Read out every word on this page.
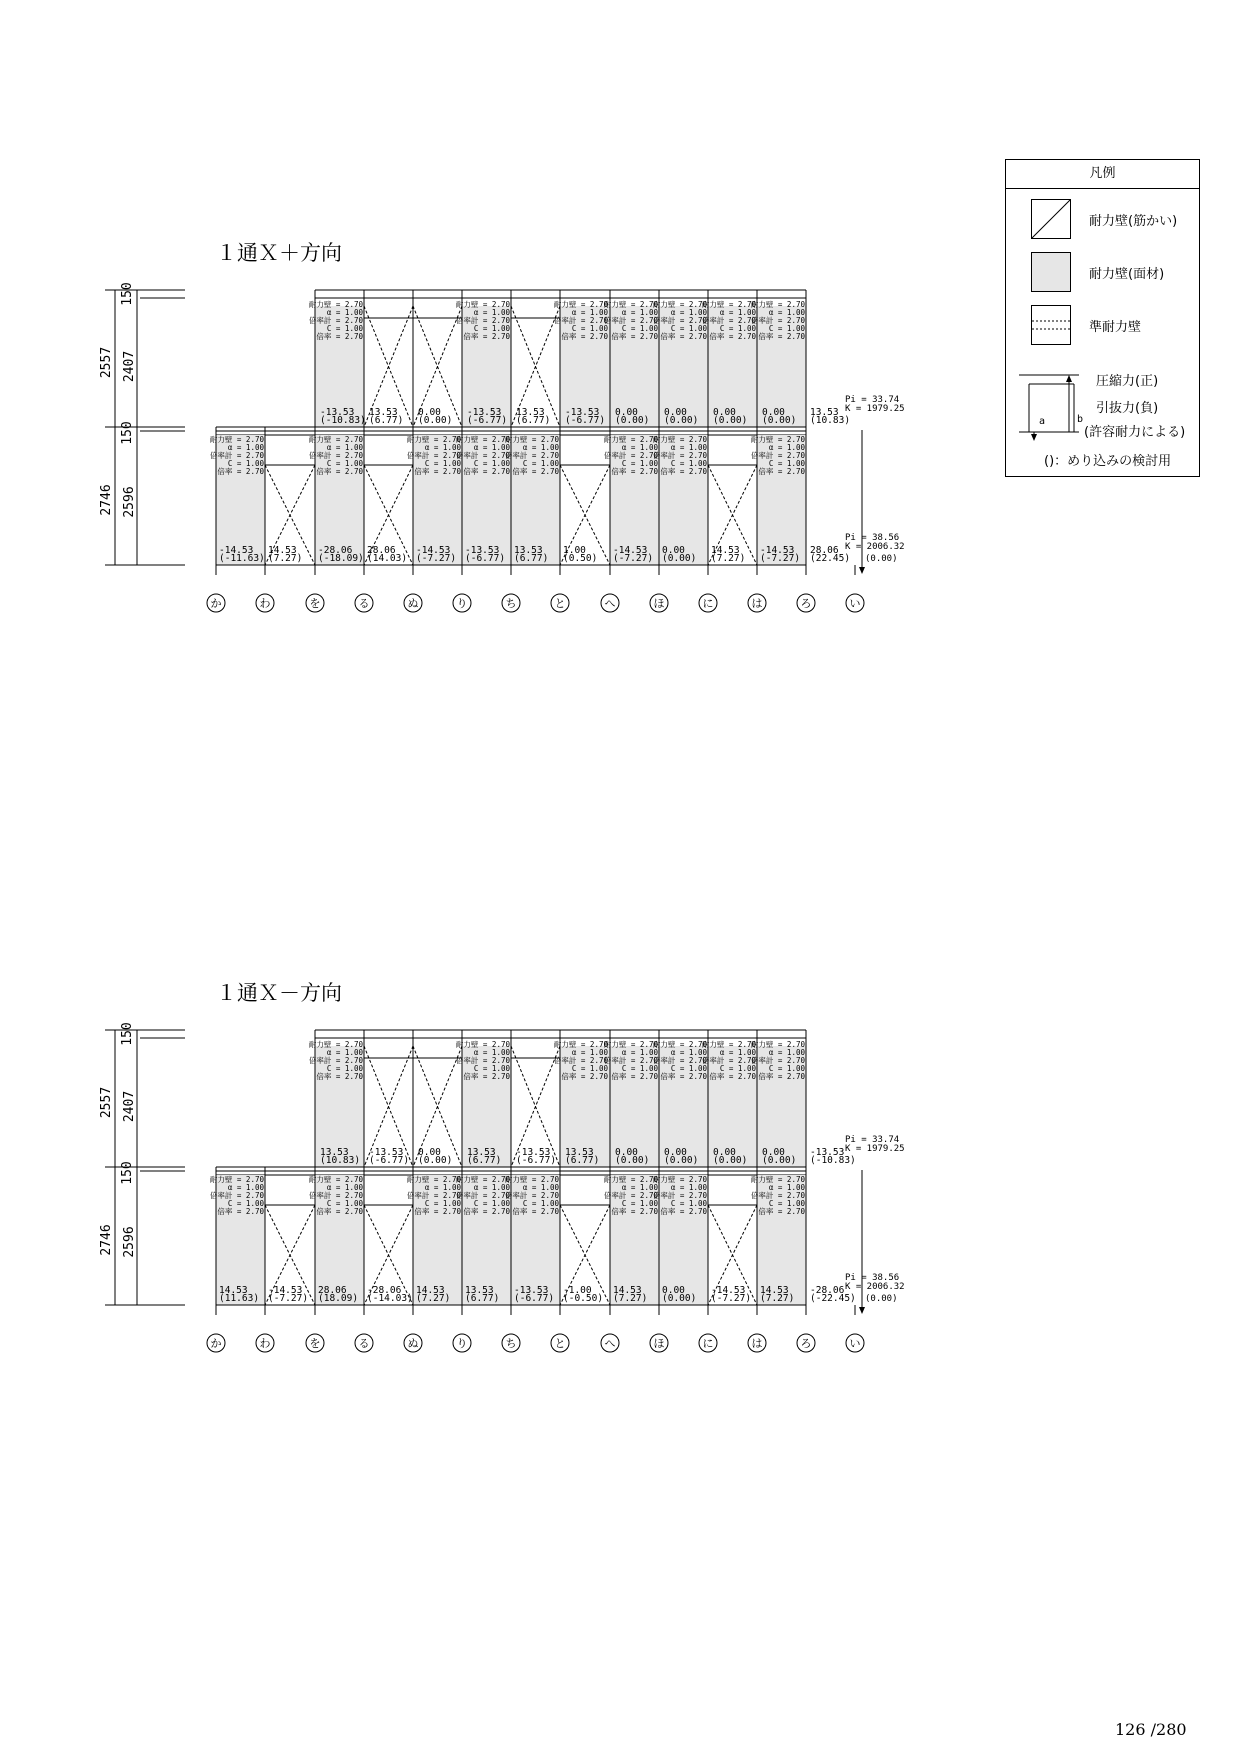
１通Ｘ＋方向
耐力壁 = 2.70
α = 1.00
倍率計 = 2.70
C = 1.00
倍率 = 2.70
-13.53
(-10.83)
13.53
(6.77)
0.00
(0.00)
耐力壁 = 2.70
α = 1.00
倍率計 = 2.70
C = 1.00
倍率 = 2.70
-13.53
(-6.77)
13.53
(6.77)
耐力壁 = 2.70
α = 1.00
倍率計 = 2.70
C = 1.00
倍率 = 2.70
-13.53
(-6.77)
耐力壁 = 2.70
α = 1.00
倍率計 = 2.70
C = 1.00
倍率 = 2.70
0.00
(0.00)
耐力壁 = 2.70
α = 1.00
倍率計 = 2.70
C = 1.00
倍率 = 2.70
0.00
(0.00)
耐力壁 = 2.70
α = 1.00
倍率計 = 2.70
C = 1.00
倍率 = 2.70
0.00
(0.00)
耐力壁 = 2.70
α = 1.00
倍率計 = 2.70
C = 1.00
倍率 = 2.70
0.00
(0.00)
13.53
(10.83)
耐力壁 = 2.70
α = 1.00
倍率計 = 2.70
C = 1.00
倍率 = 2.70
-14.53
(-11.63)
14.53
(7.27)
耐力壁 = 2.70
α = 1.00
倍率計 = 2.70
C = 1.00
倍率 = 2.70
-28.06
(-18.09)
28.06
(14.03)
耐力壁 = 2.70
α = 1.00
倍率計 = 2.70
C = 1.00
倍率 = 2.70
-14.53
(-7.27)
耐力壁 = 2.70
α = 1.00
倍率計 = 2.70
C = 1.00
倍率 = 2.70
-13.53
(-6.77)
耐力壁 = 2.70
α = 1.00
倍率計 = 2.70
C = 1.00
倍率 = 2.70
13.53
(6.77)
1.00
(0.50)
耐力壁 = 2.70
α = 1.00
倍率計 = 2.70
C = 1.00
倍率 = 2.70
-14.53
(-7.27)
耐力壁 = 2.70
α = 1.00
倍率計 = 2.70
C = 1.00
倍率 = 2.70
0.00
(0.00)
14.53
(7.27)
耐力壁 = 2.70
α = 1.00
倍率計 = 2.70
C = 1.00
倍率 = 2.70
-14.53
(-7.27)
28.06
(22.45)
Pi = 33.74
K = 1979.25
Pi = 38.56
K = 2006.32
(0.00)
150
2557 2407
150
2746 2596
か	わ	を	る	ぬ	り	ち	と	へ	ほ	に	は	ろ	い
１通Ｘ－方向
耐力壁 = 2.70
α = 1.00
倍率計 = 2.70
C = 1.00
倍率 = 2.70
13.53
(10.83)
-13.53
(-6.77)
0.00
(0.00)
耐力壁 = 2.70
α = 1.00
倍率計 = 2.70
C = 1.00
倍率 = 2.70
13.53
(6.77)
-13.53
(-6.77)
耐力壁 = 2.70
α = 1.00
倍率計 = 2.70
C = 1.00
倍率 = 2.70
13.53
(6.77)
耐力壁 = 2.70
α = 1.00
倍率計 = 2.70
C = 1.00
倍率 = 2.70
0.00
(0.00)
耐力壁 = 2.70
α = 1.00
倍率計 = 2.70
C = 1.00
倍率 = 2.70
0.00
(0.00)
耐力壁 = 2.70
α = 1.00
倍率計 = 2.70
C = 1.00
倍率 = 2.70
0.00
(0.00)
耐力壁 = 2.70
α = 1.00
倍率計 = 2.70
C = 1.00
倍率 = 2.70
0.00
(0.00)
-13.53
(-10.83)
耐力壁 = 2.70
α = 1.00
倍率計 = 2.70
C = 1.00
倍率 = 2.70
14.53
(11.63)
-14.53
(-7.27)
耐力壁 = 2.70
α = 1.00
倍率計 = 2.70
C = 1.00
倍率 = 2.70
28.06
(18.09)
-28.06
(-14.03)
耐力壁 = 2.70
α = 1.00
倍率計 = 2.70
C = 1.00
倍率 = 2.70
14.53
(7.27)
耐力壁 = 2.70
α = 1.00
倍率計 = 2.70
C = 1.00
倍率 = 2.70
13.53
(6.77)
耐力壁 = 2.70
α = 1.00
倍率計 = 2.70
C = 1.00
倍率 = 2.70
-13.53
(-6.77)
-1.00
(-0.50)
耐力壁 = 2.70
α = 1.00
倍率計 = 2.70
C = 1.00
倍率 = 2.70
14.53
(7.27)
耐力壁 = 2.70
α = 1.00
倍率計 = 2.70
C = 1.00
倍率 = 2.70
0.00
(0.00)
-14.53
(-7.27)
耐力壁 = 2.70
α = 1.00
倍率計 = 2.70
C = 1.00
倍率 = 2.70
14.53
(7.27)
-28.06
(-22.45)
Pi = 33.74
K = 1979.25
Pi = 38.56
K = 2006.32
(0.00)
150
2557 2407
150
2746 2596
か	わ	を	る	ぬ	り	ち	と	へ	ほ	に	は	ろ	い
凡例
耐力壁(筋かい)
耐力壁(面材)
準耐力壁
a	b
圧縮力(正)
引抜力(負)
(許容耐力による)
()：めり込みの検討用
126 /280
